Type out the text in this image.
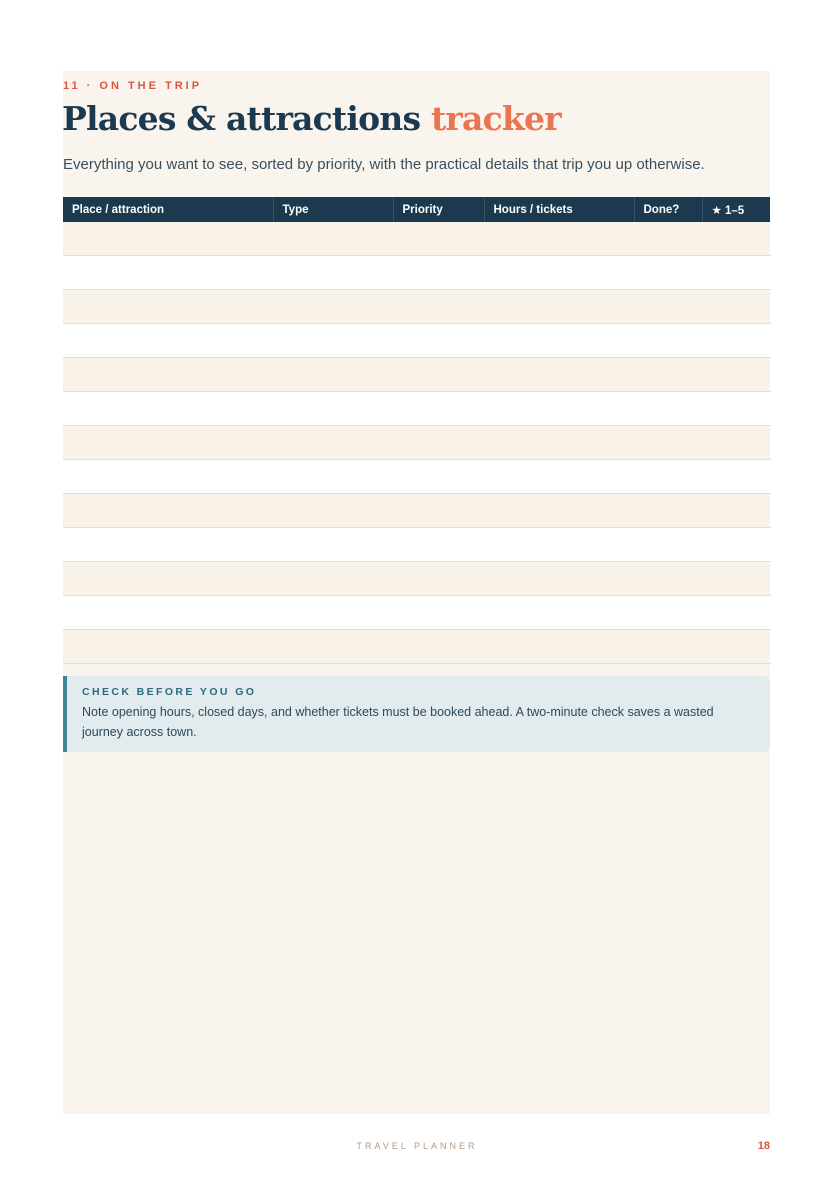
11 · ON THE TRIP
Places & attractions tracker
Everything you want to see, sorted by priority, with the practical details that trip you up otherwise.
Place / attraction	Type	Priority	Hours / tickets	Done?	★ 1–5

CHECK BEFORE YOU GO
Note opening hours, closed days, and whether tickets must be booked ahead. A two-minute check saves a wasted journey across town.
TRAVEL PLANNER	18
